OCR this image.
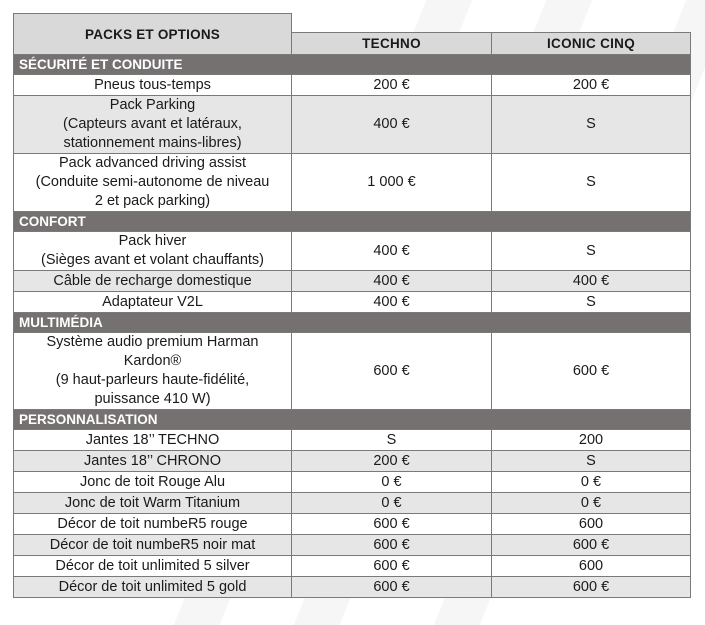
PACKS ET OPTIONS		
	TECHNO	ICONIC CINQ
SÉCURITÉ ET CONDUITE		

Pneus tous-temps	200 €	200 €

Pack Parking
(Capteurs avant et latéraux,
stationnement mains-libres)	400 €	S

Pack advanced driving assist
(Conduite semi-autonome de niveau
2 et pack parking)	1 000 €	S
CONFORT		

Pack hiver
(Sièges avant et volant chauffants)	400 €	S

Câble de recharge domestique	400 €	400 €

Adaptateur V2L	400 €	S
MULTIMÉDIA		

Système audio premium Harman
Kardon®
(9 haut-parleurs haute-fidélité,
puissance 410 W)	600 €	600 €
PERSONNALISATION		

Jantes 18’’ TECHNO	S	200

Jantes 18’’ CHRONO	200 €	S

Jonc de toit Rouge Alu	0 €	0 €

Jonc de toit Warm Titanium	0 €	0 €

Décor de toit numbeR5 rouge	600 €	600

Décor de toit numbeR5 noir mat	600 €	600 €

Décor de toit unlimited 5 silver	600 €	600

Décor de toit unlimited 5 gold	600 €	600 €
